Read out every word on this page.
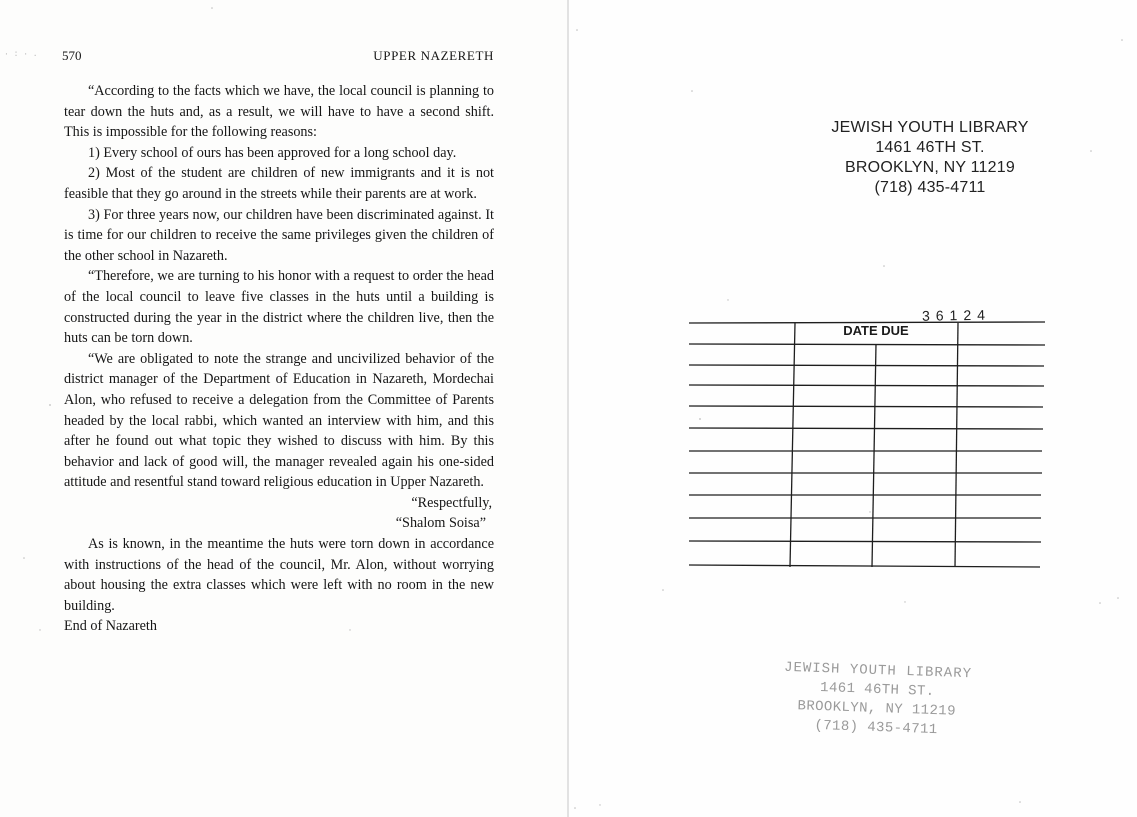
· : · .	570	UPPER NAZERETH

“According to the facts which we have, the local council is planning to tear down the huts and, as a result, we will have to have a second shift. This is impossible for the following reasons:

1) Every school of ours has been approved for a long school day.

2) Most of the student are children of new immigrants and it is not feasible that they go around in the streets while their parents are at work.

3) For three years now, our children have been discriminated against. It is time for our children to receive the same privileges given the children of the other school in Nazareth.

“Therefore, we are turning to his honor with a request to order the head of the local council to leave five classes in the huts until a building is constructed during the year in the district where the children live, then the huts can be torn down.

“We are obligated to note the strange and uncivilized behavior of the district manager of the Department of Education in Nazareth, Mordechai Alon, who refused to receive a delegation from the Committee of Parents headed by the local rabbi, which wanted an interview with him, and this after he found out what topic they wished to discuss with him. By this behavior and lack of good will, the manager revealed again his one-sided attitude and resentful stand toward religious education in Upper Nazareth.

“Respectfully,

“Shalom Soisa”

As is known, in the meantime the huts were torn down in accordance with instructions of the head of the council, Mr. Alon, without worrying about housing the extra classes which were left with no room in the new building.

End of Nazareth

JEWISH YOUTH LIBRARY
1461 46TH ST.
BROOKLYN, NY 11219
(718) 435-4711
36124
DATE DUE
JEWISH YOUTH LIBRARY
1461 46TH ST.
BROOKLYN, NY 11219
(718) 435-4711
